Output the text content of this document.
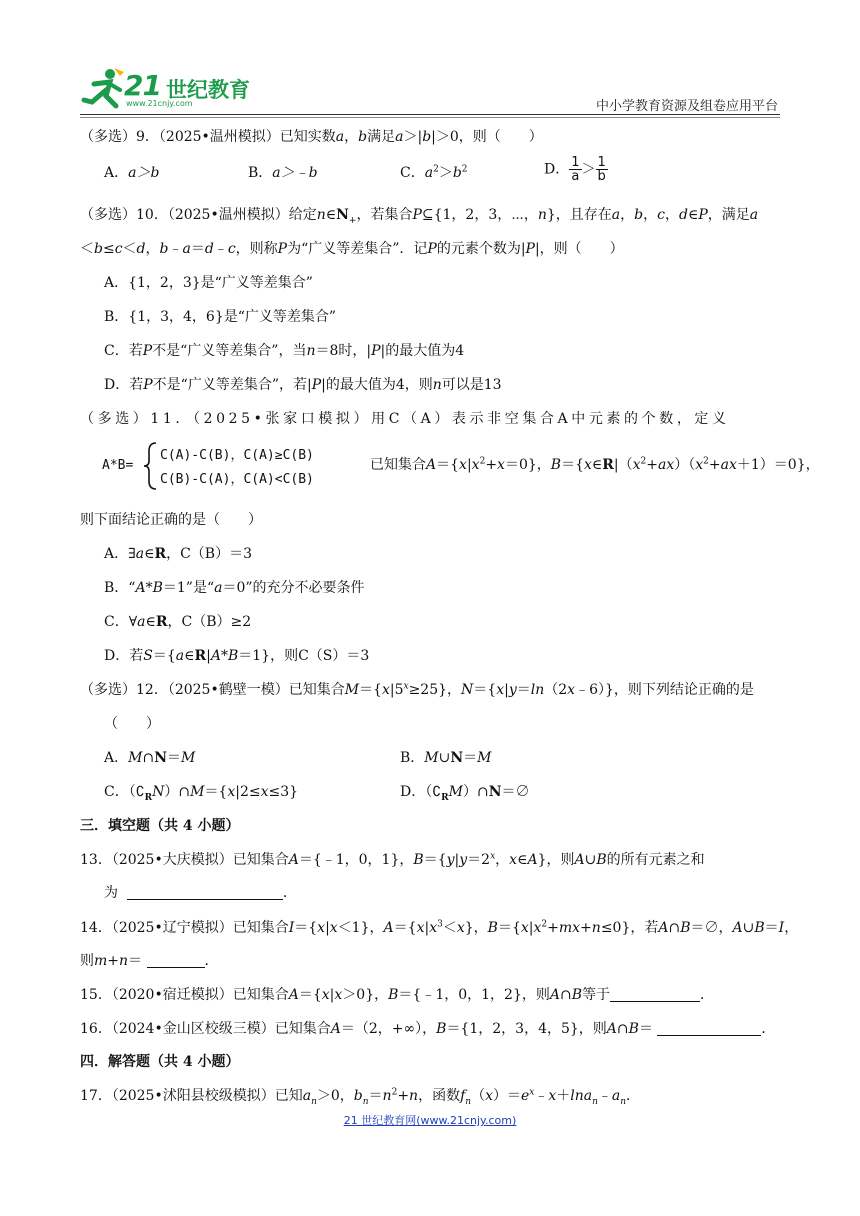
21 世纪教育
www.21cnjy.com	中小学教育资源及组卷应用平台
（多选）9．（2025•温州模拟）已知实数a，b满足a＞|b|＞0，则（　　）
A．a＞b	B．a＞﹣b	C．$a^2>b^2$	D． $\frac{1}{a} > \frac{1}{b}$
（多选）10．（2025•温州模拟）给定$n\in N_+$，若集合P⊆{1，2，3，⋯，n}，且存在a，b，c，d∈P，满足a
＜b≤c＜d，b﹣a＝d﹣c，则称P为“广义等差集合”．记P的元素个数为|P|，则（　　）
A．{1，2，3}是“广义等差集合”
B．{1，3，4，6}是“广义等差集合”
C．若P不是“广义等差集合”，当n＝8时，|P|的最大值为4
D．若P不是“广义等差集合”，若|P|的最大值为4，则n可以是13
（多选）11．（2025•张家口模拟）用C（A）表示非空集合A中元素的个数，定义
A*B=
C(A)-C(B)，C(A)≥C(B)
C(B)-C(A)，C(A)<C(B)
已知集合$A=\{x|x^2+x=0\}$，$B=\{x\in R|(x^2+ax)(x^2+ax+1)=0\}$，
则下面结论正确的是（　　）
A．∃a∈R，C（B）＝3
B．“A*B＝1”是“a＝0”的充分不必要条件
C．∀a∈R，C（B）≥2
D．若S＝{a∈R|A*B＝1}，则C（S）＝3
（多选）12．（2025•鹤壁一模）已知集合$M=\{x|5^x\ge 25\}$，N＝{x|y＝ln（2x﹣6）}，则下列结论正确的是
（　　）
A．M∩N＝M	B．M∪N＝M
C．$(∁_RN)\cap M=\{x|2\le x\le 3\}$	D．$(∁_RM)\cap N=\emptyset$
三．填空题（共 4 小题）
13．（2025•大庆模拟）已知集合A＝{﹣1，0，1}，$B=\{y|y=2^x$，x∈A}，则A∪B的所有元素之和
为	．
14．（2025•辽宁模拟）已知集合I＝{x|x＜1}，$A=\{x|x^3<x\}$，$B=\{x|x^2+mx+n\le 0\}$，若A∩B＝∅，A∪B＝I，
则m+n＝	．
15．（2020•宿迁模拟）已知集合A＝{x|x＞0}，B＝{﹣1，0，1，2}，则A∩B等于	．
16．（2024•金山区校级三模）已知集合A＝（2，+∞），B＝{1，2，3，4，5}，则A∩B＝	．
四．解答题（共 4 小题）
17．（2025•沭阳县校级模拟）已知$a_n>0$，$b_n=n^2+n$，函数$f_n(x)=e^x﹣x+\ln a_n﹣a_n$．
21 世纪教育网(www.21cnjy.com)
